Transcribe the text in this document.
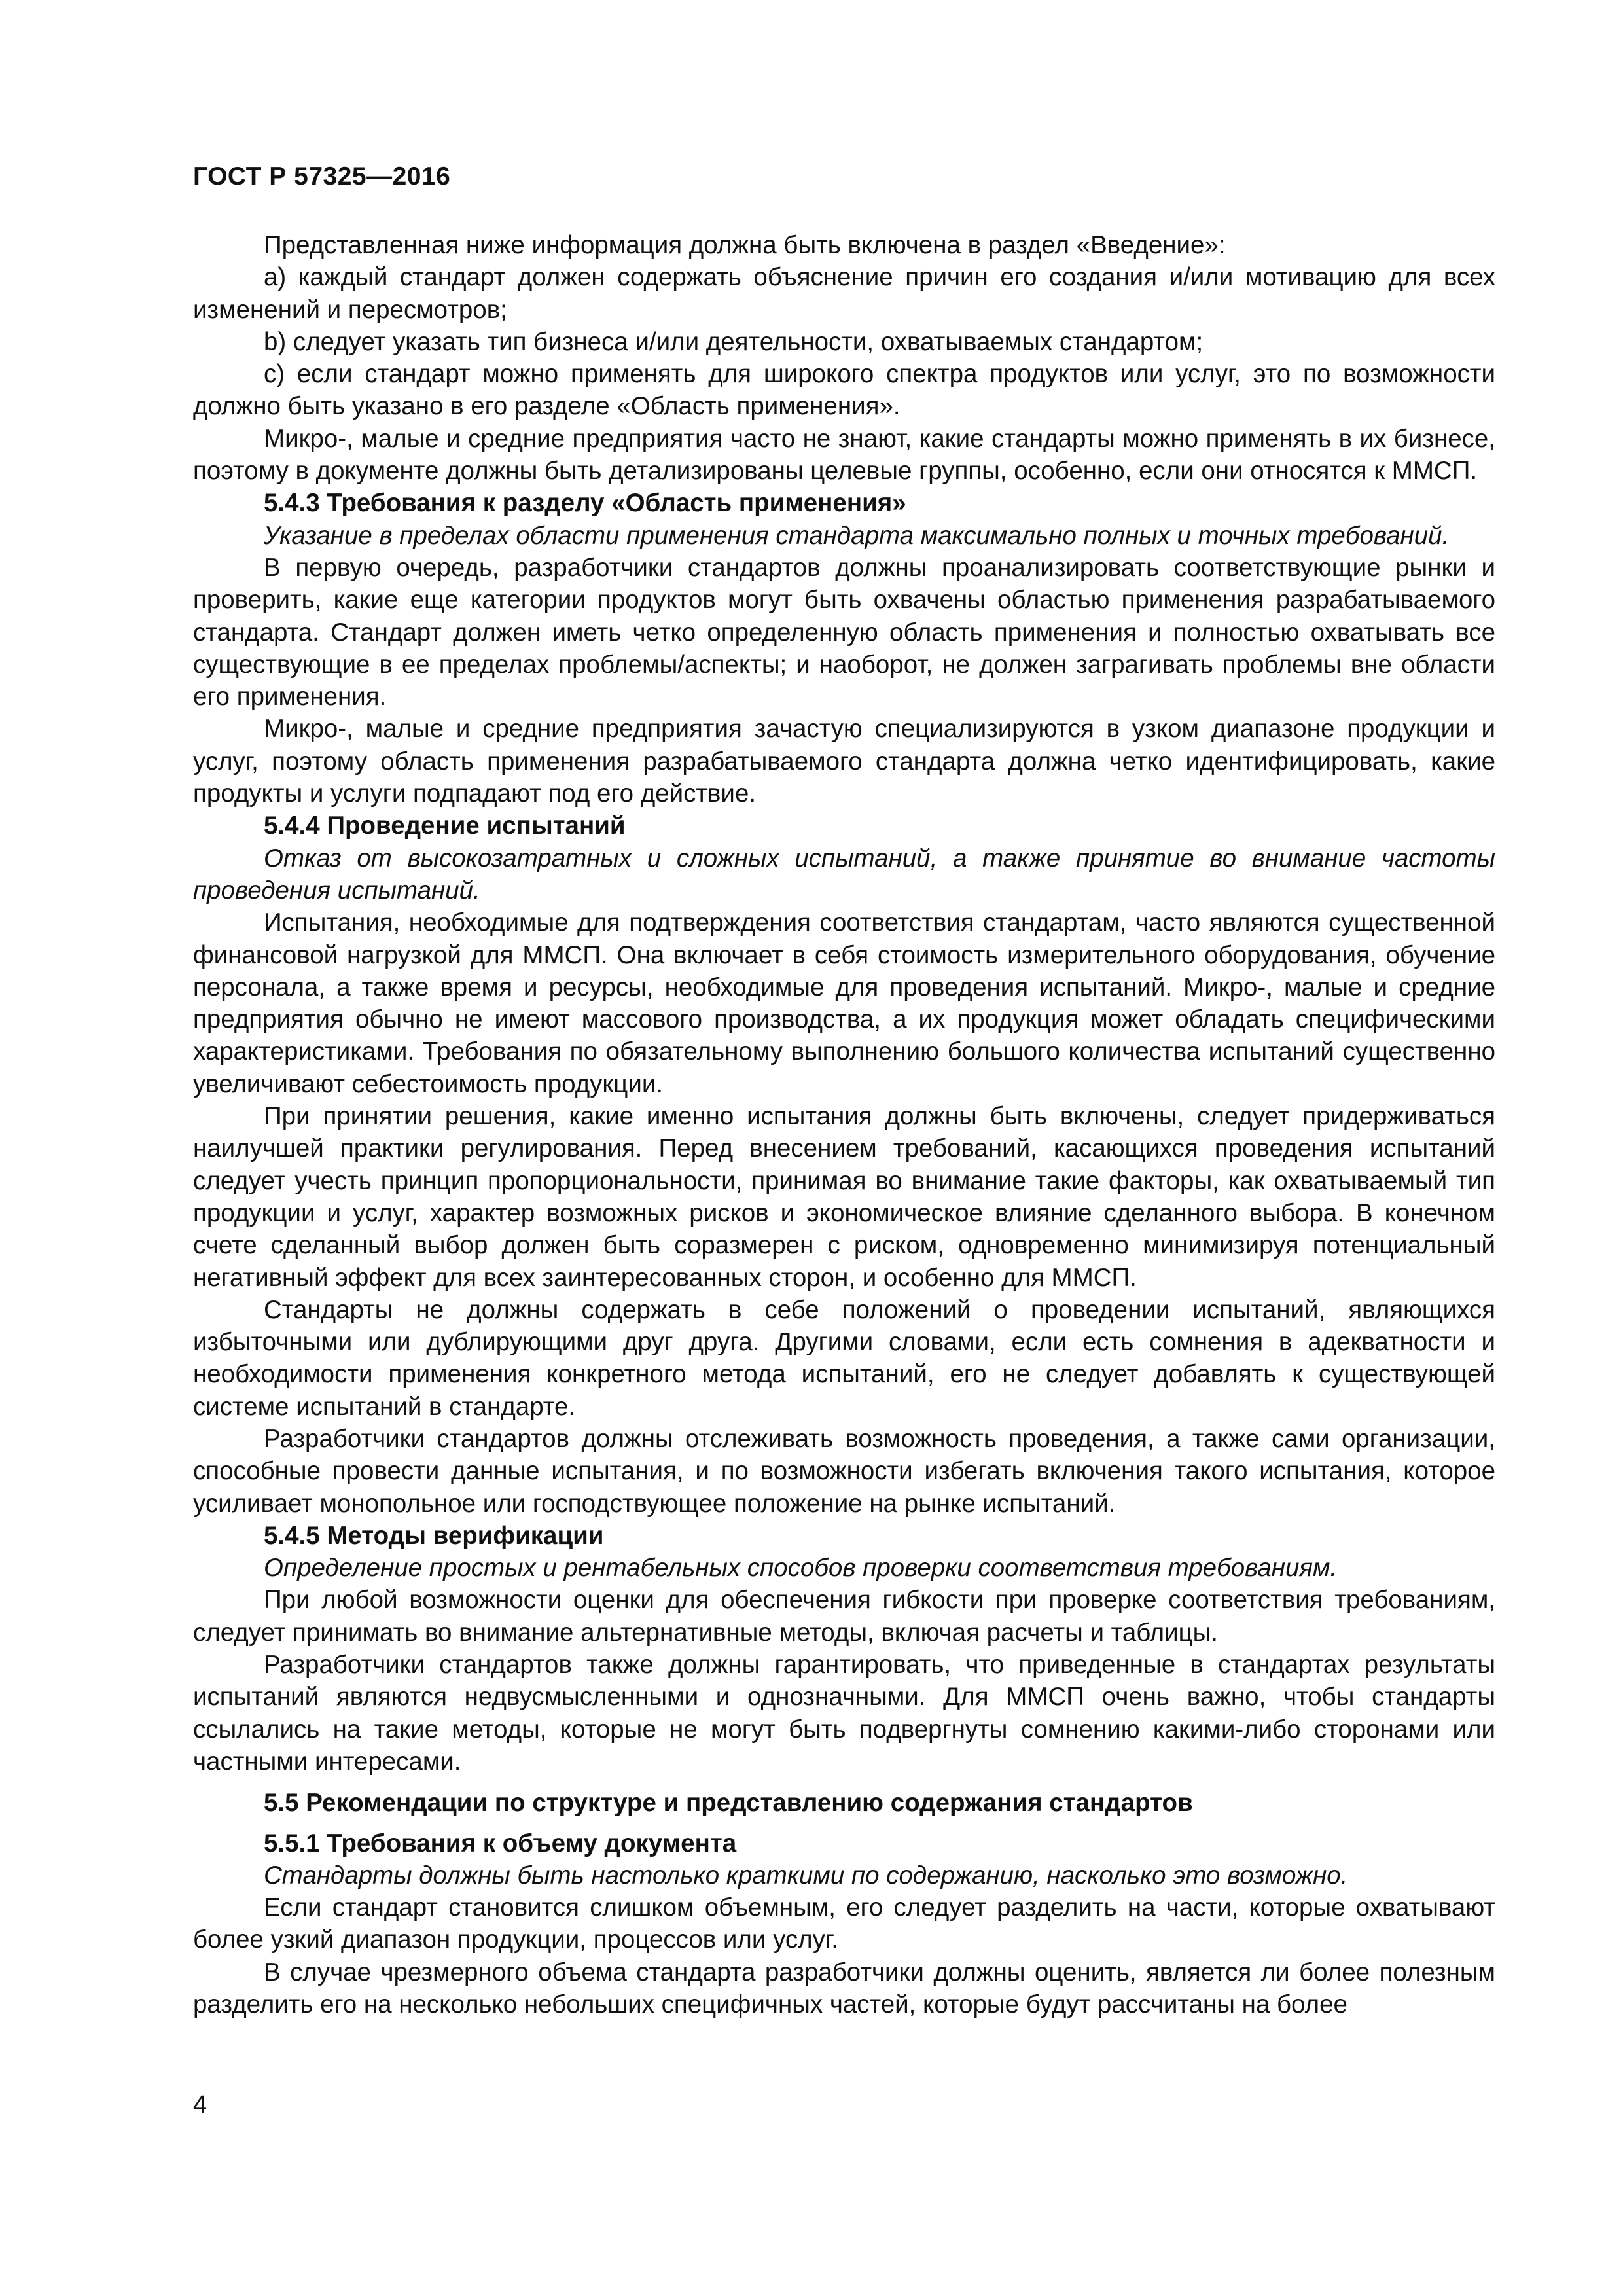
ГОСТ Р 57325—2016

Представленная ниже информация должна быть включена в раздел «Введение»:

а) каждый стандарт должен содержать объяснение причин его создания и/или мотивацию для всех изменений и пересмотров;

b) следует указать тип бизнеса и/или деятельности, охватываемых стандартом;

с) если стандарт можно применять для широкого спектра продуктов или услуг, это по возможности должно быть указано в его разделе «Область применения».

Микро-, малые и средние предприятия часто не знают, какие стандарты можно применять в их бизнесе, поэтому в документе должны быть детализированы целевые группы, особенно, если они относятся к ММСП.

5.4.3 Требования к разделу «Область применения»

Указание в пределах области применения стандарта максимально полных и точных требований.

В первую очередь, разработчики стандартов должны проанализировать соответствующие рынки и проверить, какие еще категории продуктов могут быть охвачены областью применения разрабатываемого стандарта. Стандарт должен иметь четко определенную область применения и полностью охватывать все существующие в ее пределах проблемы/аспекты; и наоборот, не должен заграгивать проблемы вне области его применения.

Микро-, малые и средние предприятия зачастую специализируются в узком диапазоне продукции и услуг, поэтому область применения разрабатываемого стандарта должна четко идентифицировать, какие продукты и услуги подпадают под его действие.

5.4.4 Проведение испытаний

Отказ от высокозатратных и сложных испытаний, а также принятие во внимание частоты проведения испытаний.

Испытания, необходимые для подтверждения соответствия стандартам, часто являются существенной финансовой нагрузкой для ММСП. Она включает в себя стоимость измерительного оборудования, обучение персонала, а также время и ресурсы, необходимые для проведения испытаний. Микро-, малые и средние предприятия обычно не имеют массового производства, а их продукция может обладать специфическими характеристиками. Требования по обязательному выполнению большого количества испытаний существенно увеличивают себестоимость продукции.

При принятии решения, какие именно испытания должны быть включены, следует придерживаться наилучшей практики регулирования. Перед внесением требований, касающихся проведения испытаний следует учесть принцип пропорциональности, принимая во внимание такие факторы, как охватываемый тип продукции и услуг, характер возможных рисков и экономическое влияние сделанного выбора. В конечном счете сделанный выбор должен быть соразмерен с риском, одновременно минимизируя потенциальный негативный эффект для всех заинтересованных сторон, и особенно для ММСП.

Стандарты не должны содержать в себе положений о проведении испытаний, являющихся избыточными или дублирующими друг друга. Другими словами, если есть сомнения в адекватности и необходимости применения конкретного метода испытаний, его не следует добавлять к существующей системе испытаний в стандарте.

Разработчики стандартов должны отслеживать возможность проведения, а также сами организации, способные провести данные испытания, и по возможности избегать включения такого испытания, которое усиливает монопольное или господствующее положение на рынке испытаний.

5.4.5 Методы верификации

Определение простых и рентабельных способов проверки соответствия требованиям.

При любой возможности оценки для обеспечения гибкости при проверке соответствия требованиям, следует принимать во внимание альтернативные методы, включая расчеты и таблицы.

Разработчики стандартов также должны гарантировать, что приведенные в стандартах результаты испытаний являются недвусмысленными и однозначными. Для ММСП очень важно, чтобы стандарты ссылались на такие методы, которые не могут быть подвергнуты сомнению какими-либо сторонами или частными интересами.

5.5 Рекомендации по структуре и представлению содержания стандартов

5.5.1 Требования к объему документа

Стандарты должны быть настолько краткими по содержанию, насколько это возможно.

Если стандарт становится слишком объемным, его следует разделить на части, которые охватывают более узкий диапазон продукции, процессов или услуг.

В случае чрезмерного объема стандарта разработчики должны оценить, является ли более полезным разделить его на несколько небольших специфичных частей, которые будут рассчитаны на более

4
